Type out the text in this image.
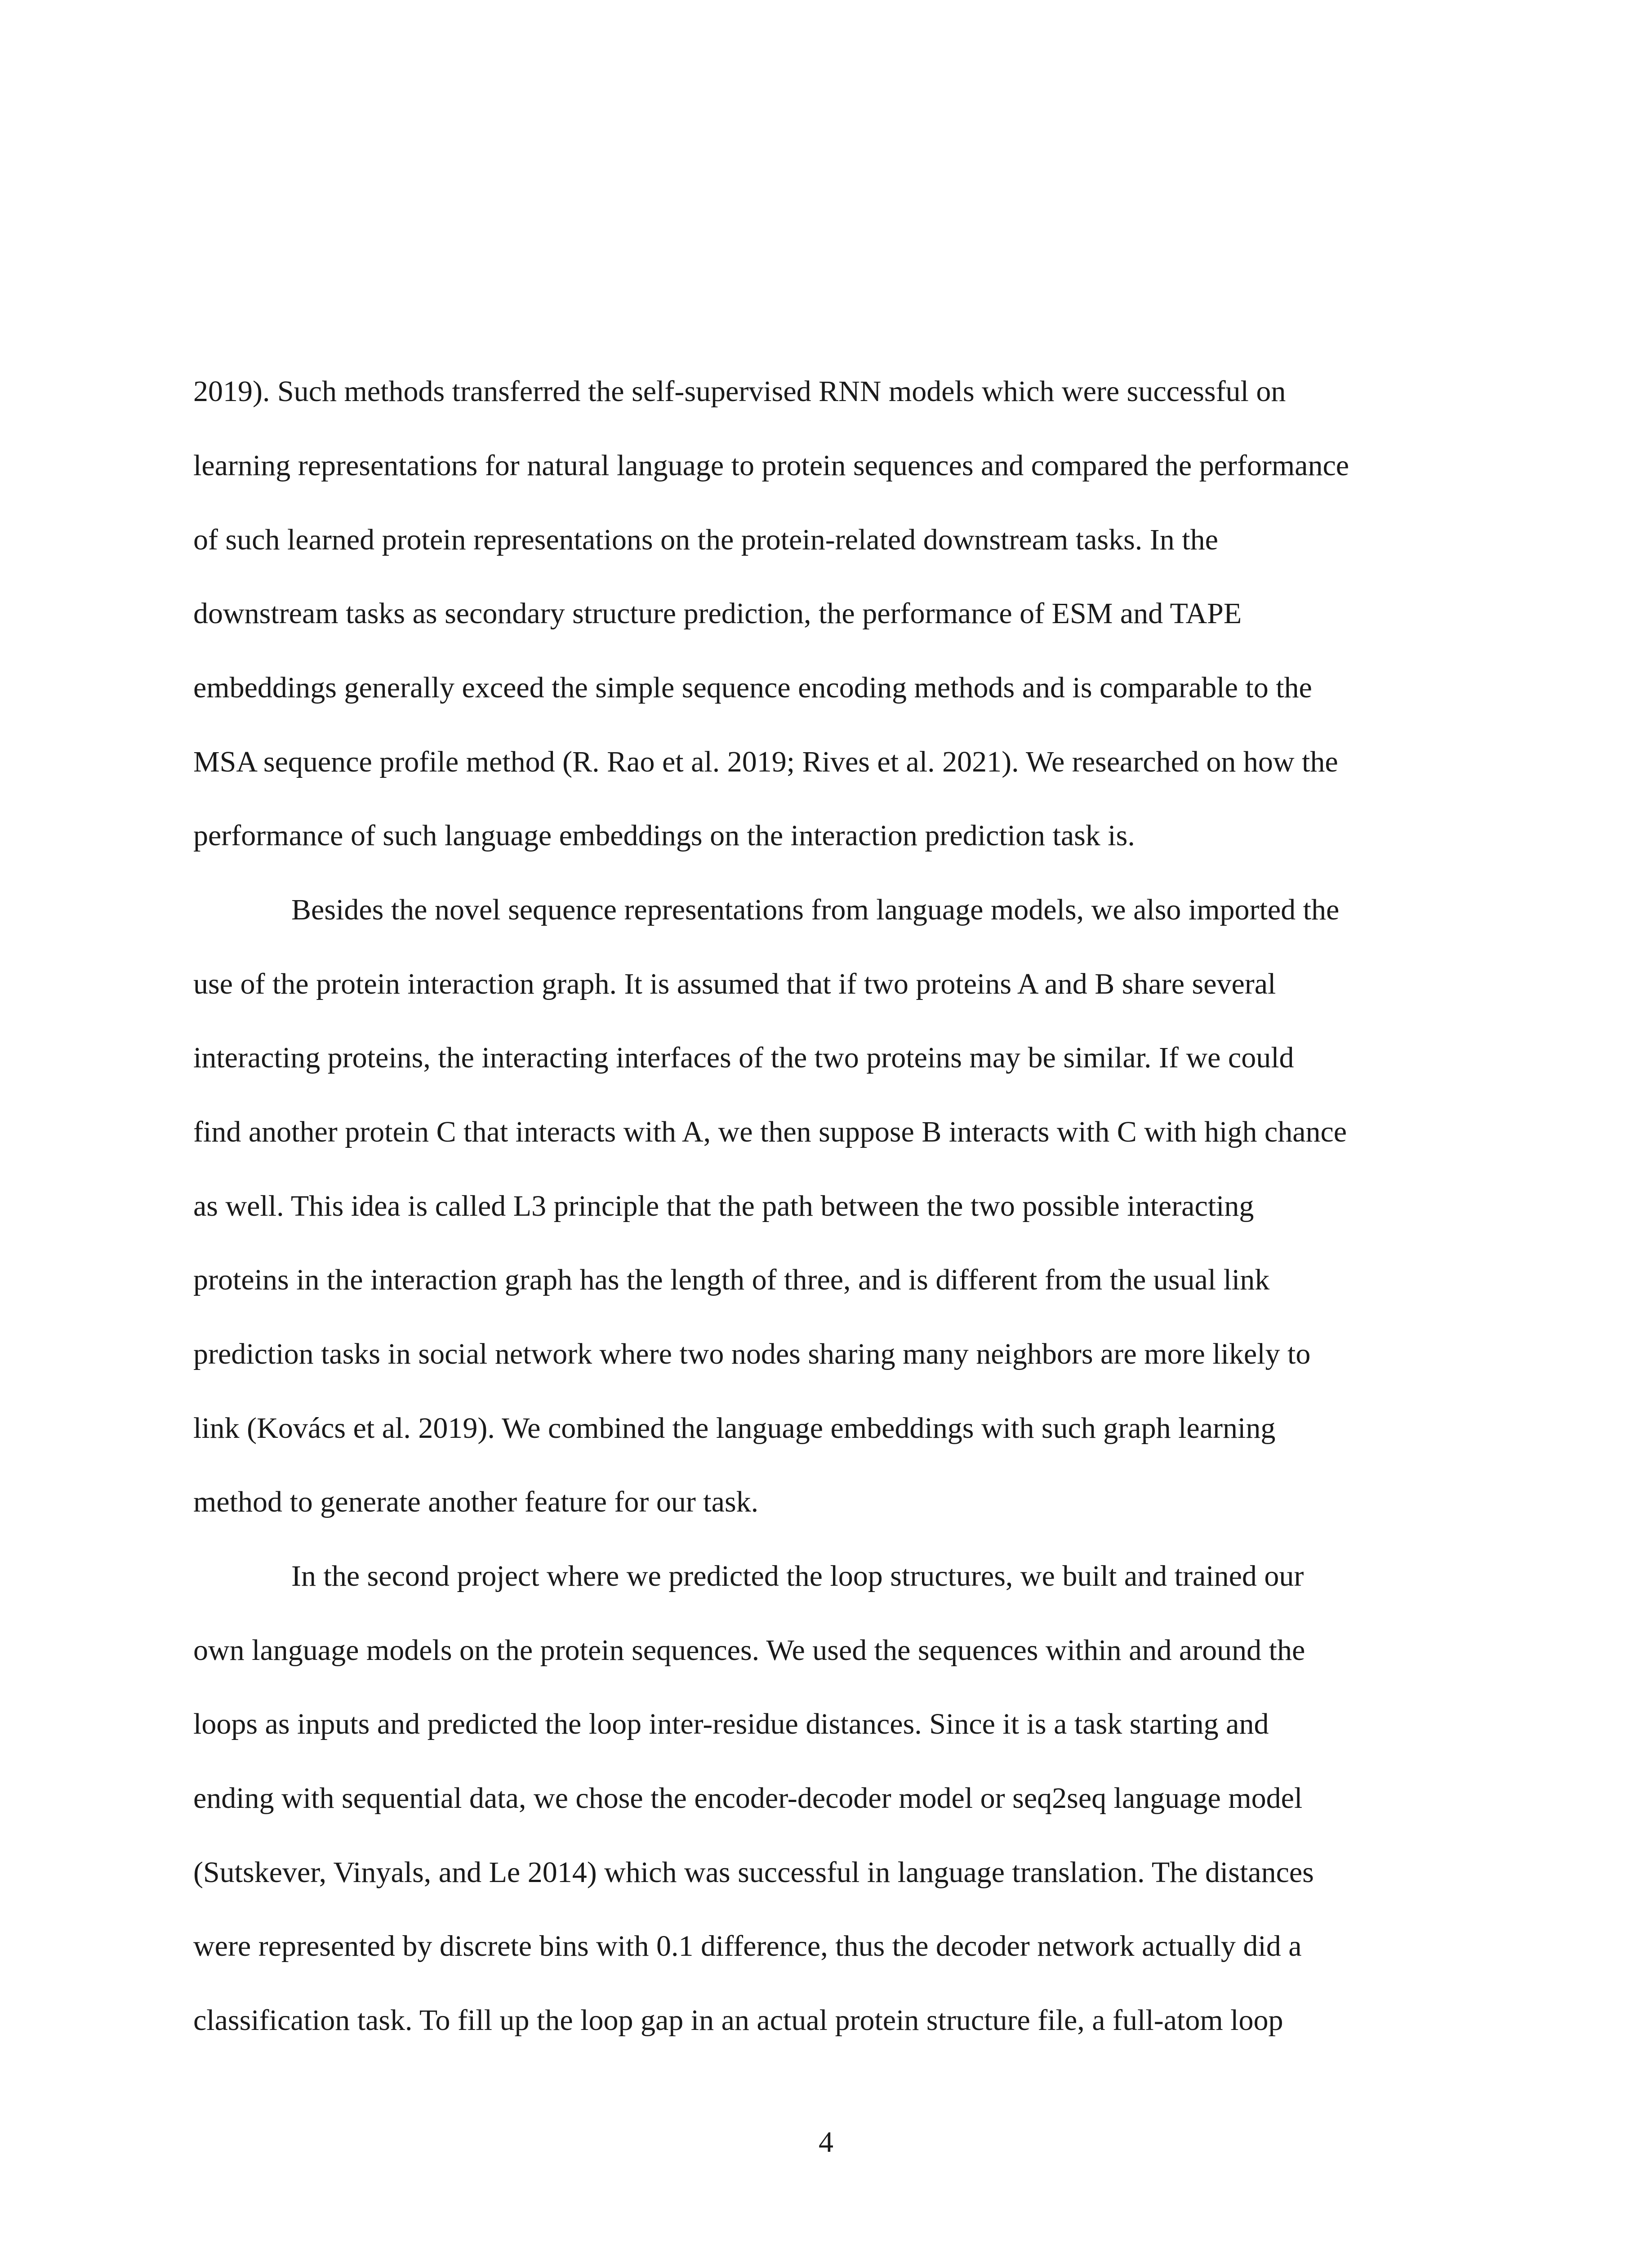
2019). Such methods transferred the self-supervised RNN models which were successful on
learning representations for natural language to protein sequences and compared the performance
of such learned protein representations on the protein-related downstream tasks. In the
downstream tasks as secondary structure prediction, the performance of ESM and TAPE
embeddings generally exceed the simple sequence encoding methods and is comparable to the
MSA sequence profile method (R. Rao et al. 2019; Rives et al. 2021). We researched on how the
performance of such language embeddings on the interaction prediction task is.
Besides the novel sequence representations from language models, we also imported the
use of the protein interaction graph. It is assumed that if two proteins A and B share several
interacting proteins, the interacting interfaces of the two proteins may be similar. If we could
find another protein C that interacts with A, we then suppose B interacts with C with high chance
as well. This idea is called L3 principle that the path between the two possible interacting
proteins in the interaction graph has the length of three, and is different from the usual link
prediction tasks in social network where two nodes sharing many neighbors are more likely to
link (Kovács et al. 2019). We combined the language embeddings with such graph learning
method to generate another feature for our task.
In the second project where we predicted the loop structures, we built and trained our
own language models on the protein sequences. We used the sequences within and around the
loops as inputs and predicted the loop inter-residue distances. Since it is a task starting and
ending with sequential data, we chose the encoder-decoder model or seq2seq language model
(Sutskever, Vinyals, and Le 2014) which was successful in language translation. The distances
were represented by discrete bins with 0.1 difference, thus the decoder network actually did a
classification task. To fill up the loop gap in an actual protein structure file, a full-atom loop
4
